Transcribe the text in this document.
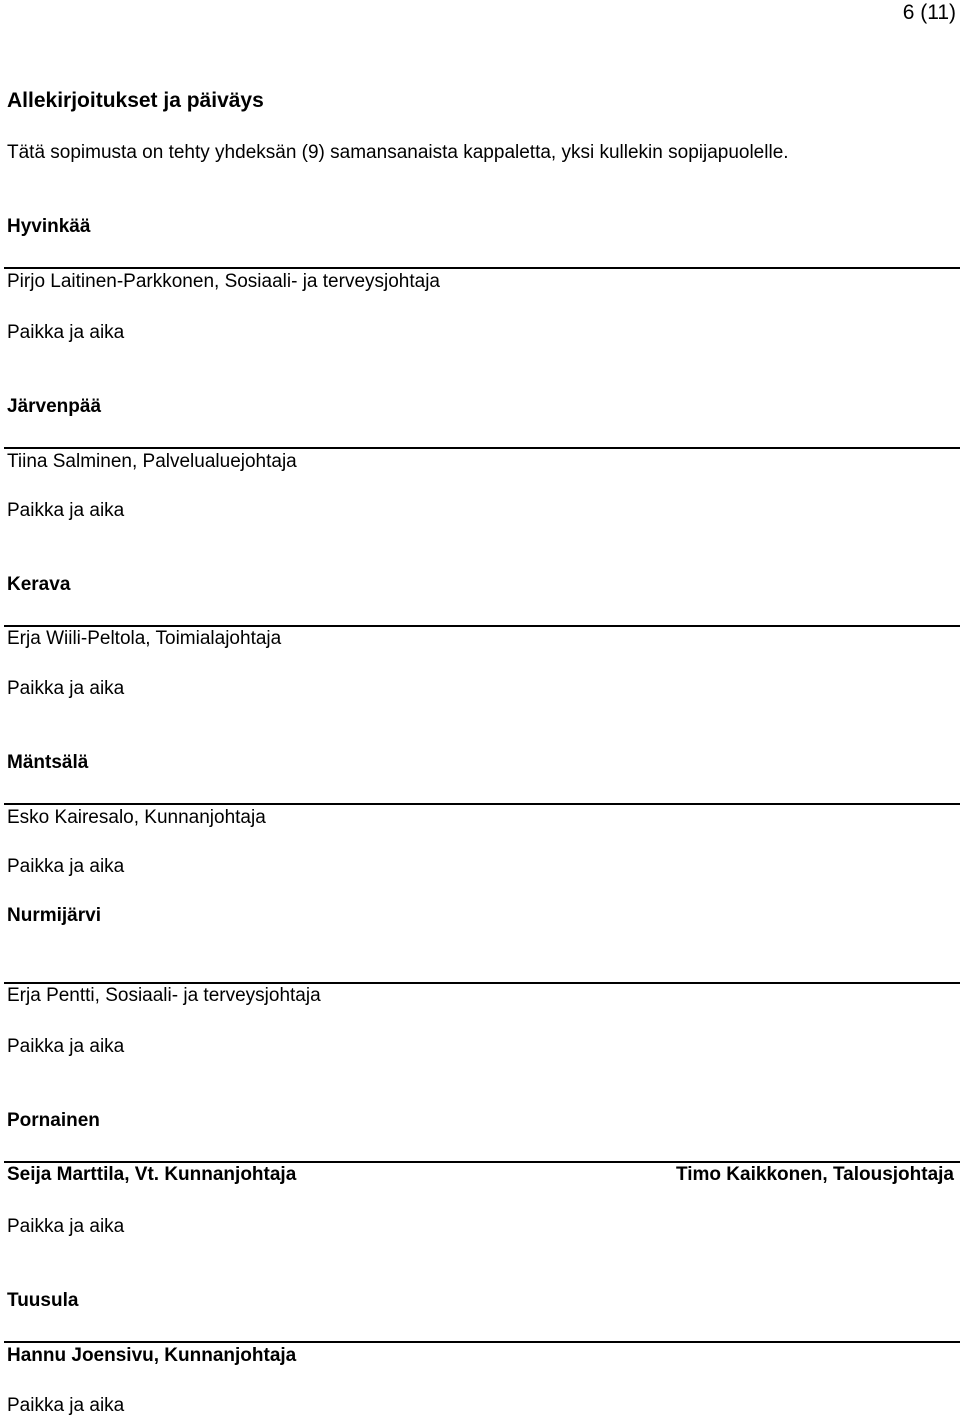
6 (11)
Allekirjoitukset ja päiväys
Tätä sopimusta on tehty yhdeksän (9) samansanaista kappaletta, yksi kullekin sopijapuolelle.
Hyvinkää
Pirjo Laitinen-Parkkonen, Sosiaali- ja terveysjohtaja
Paikka ja aika
Järvenpää
Tiina Salminen, Palvelualuejohtaja
Paikka ja aika
Kerava
Erja Wiili-Peltola, Toimialajohtaja
Paikka ja aika
Mäntsälä
Esko Kairesalo, Kunnanjohtaja
Paikka ja aika
Nurmijärvi
Erja Pentti, Sosiaali- ja terveysjohtaja
Paikka ja aika
Pornainen
Seija Marttila, Vt. Kunnanjohtaja	Timo Kaikkonen, Talousjohtaja
Paikka ja aika
Tuusula
Hannu Joensivu, Kunnanjohtaja
Paikka ja aika
